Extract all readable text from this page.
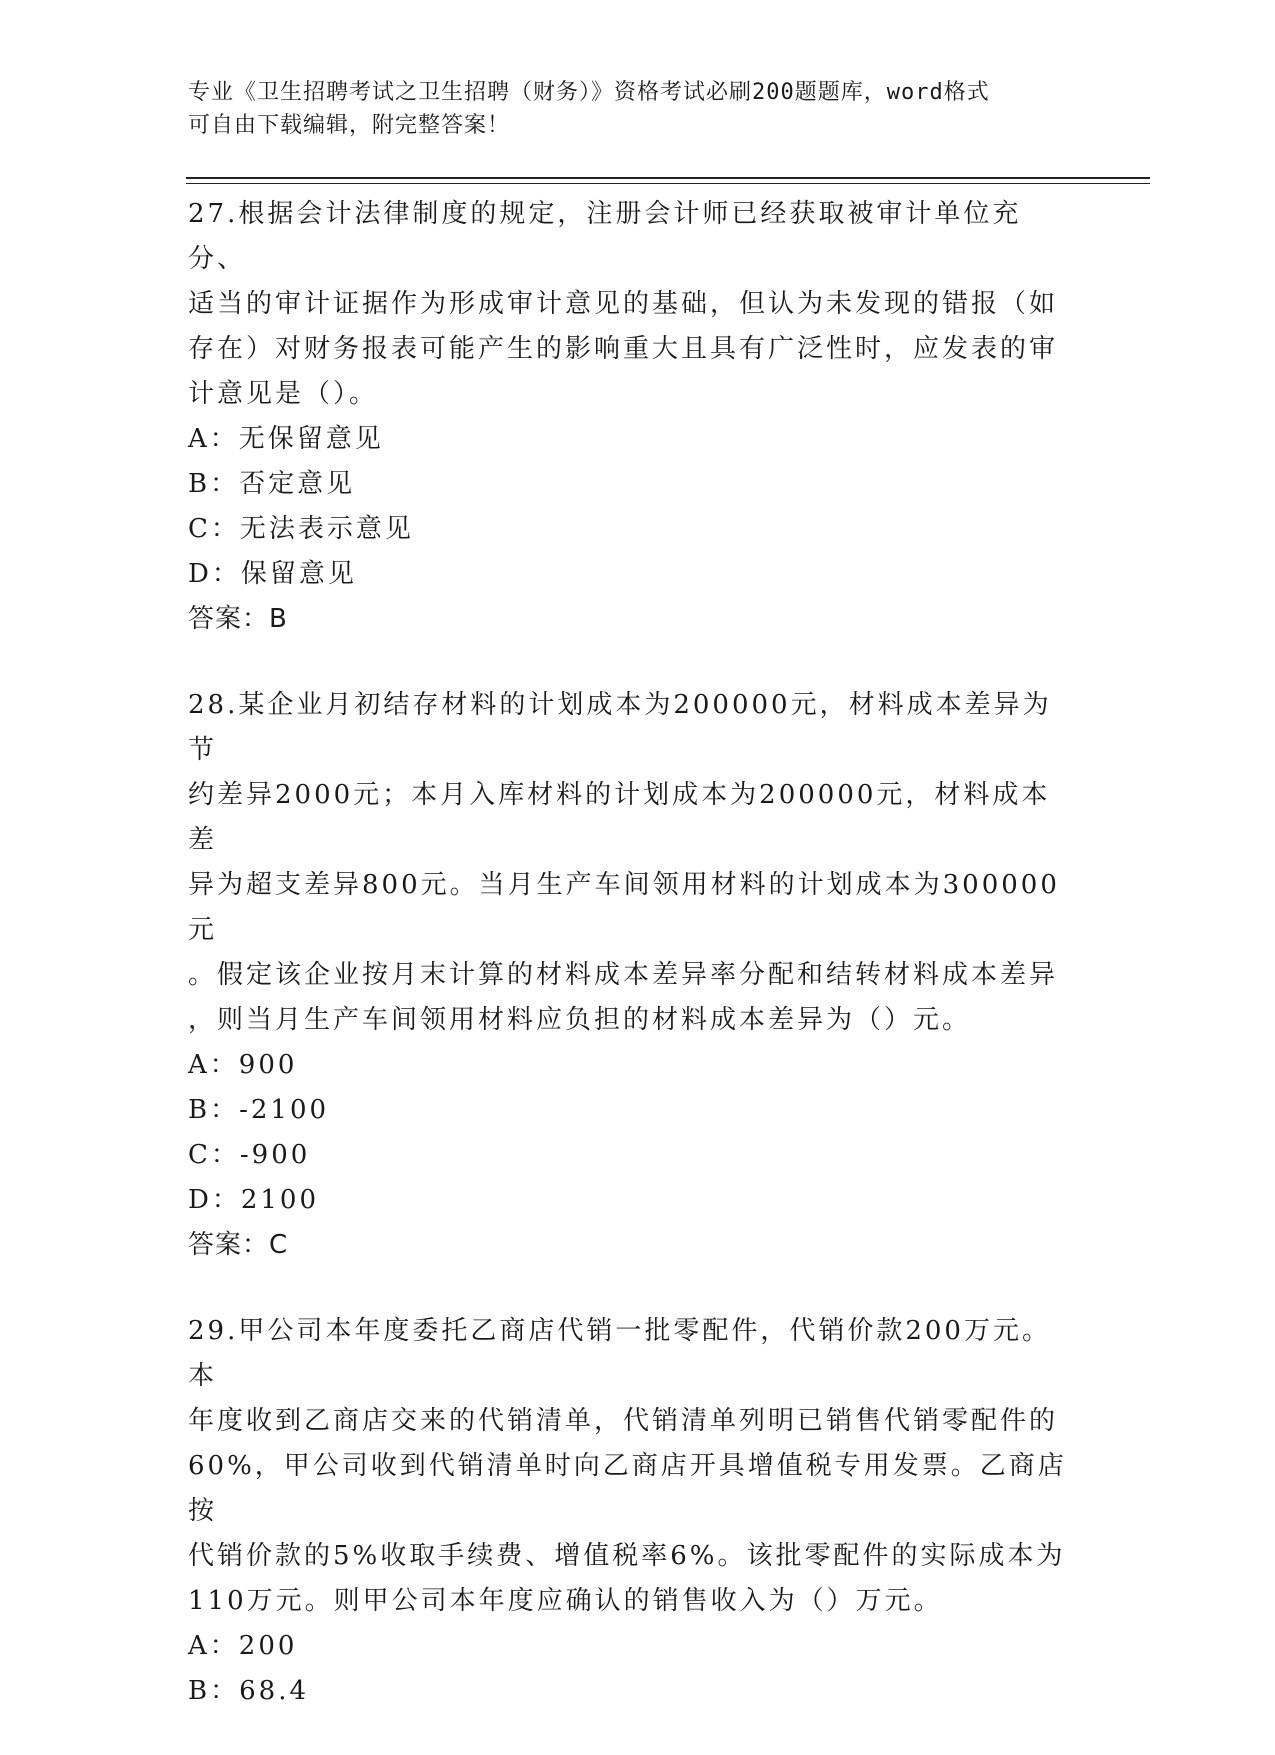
专业《卫生招聘考试之卫生招聘（财务）》资格考试必刷200题题库，word格式
可自由下载编辑，附完整答案！

27.根据会计法律制度的规定，注册会计师已经获取被审计单位充分、

适当的审计证据作为形成审计意见的基础，但认为未发现的错报（如

存在）对财务报表可能产生的影响重大且具有广泛性时，应发表的审

计意见是（）。

A：无保留意见
B：否定意见
C：无法表示意见
D：保留意见
答案：B

28.某企业月初结存材料的计划成本为200000元，材料成本差异为节

约差异2000元；本月入库材料的计划成本为200000元，材料成本差

异为超支差异800元。当月生产车间领用材料的计划成本为300000元

。假定该企业按月末计算的材料成本差异率分配和结转材料成本差异

，则当月生产车间领用材料应负担的材料成本差异为（）元。

A：900
B：-2100
C：-900
D：2100
答案：C

29.甲公司本年度委托乙商店代销一批零配件，代销价款200万元。本

年度收到乙商店交来的代销清单，代销清单列明已销售代销零配件的

60%，甲公司收到代销清单时向乙商店开具增值税专用发票。乙商店按

代销价款的5%收取手续费、增值税率6%。该批零配件的实际成本为

110万元。则甲公司本年度应确认的销售收入为（）万元。

A：200
B：68.4
